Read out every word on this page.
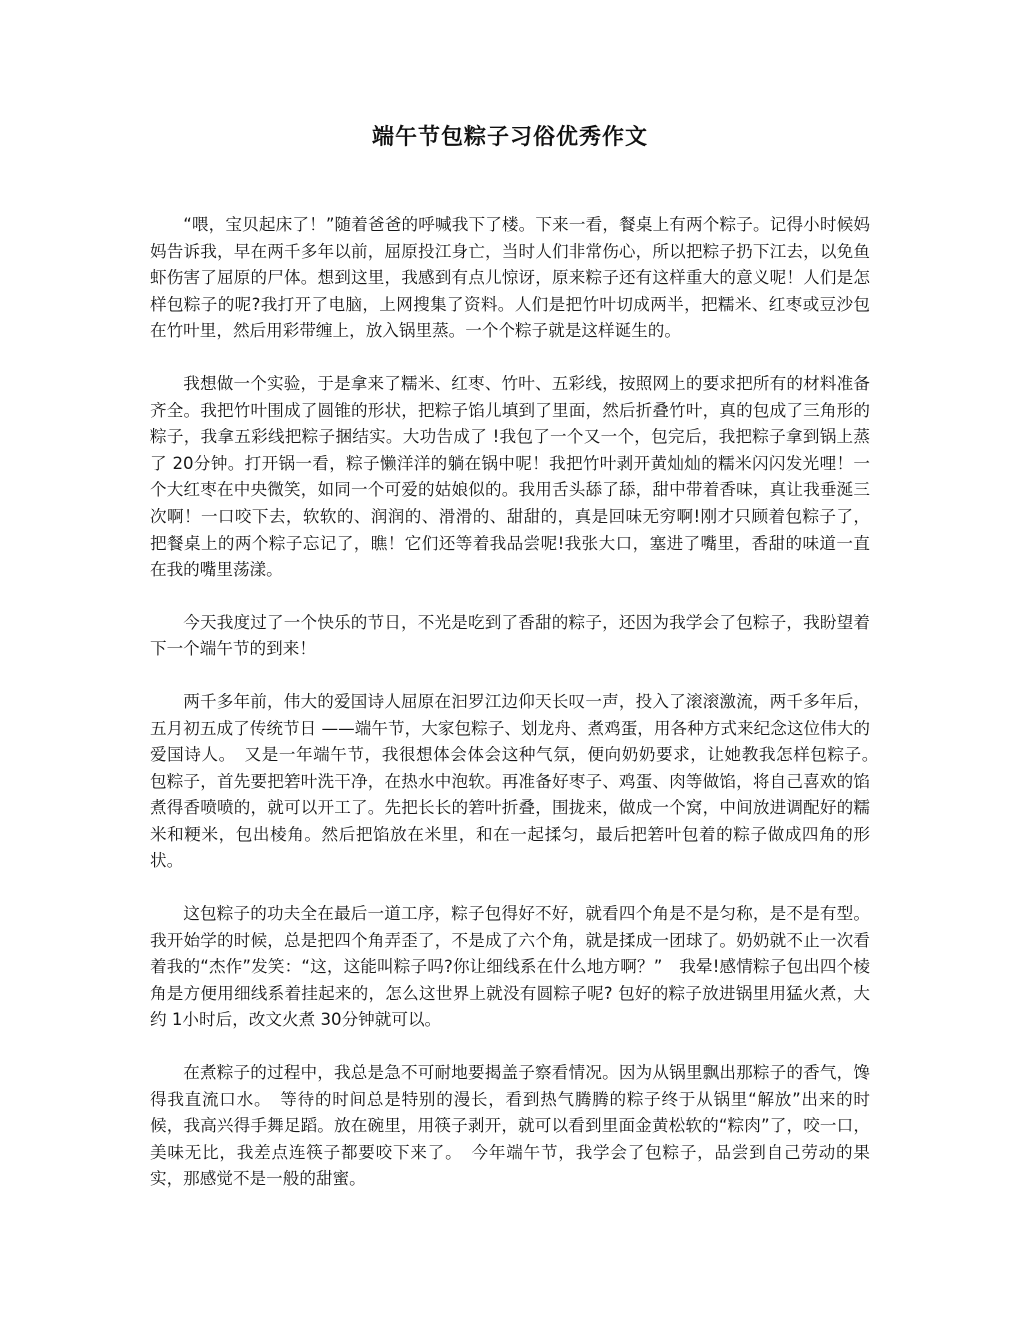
端午节包粽子习俗优秀作文

“喂，宝贝起床了！”随着爸爸的呼喊我下了楼。下来一看，餐桌上有两个粽子。记得小时候妈妈告诉我，早在两千多年以前，屈原投江身亡，当时人们非常伤心，所以把粽子扔下江去，以免鱼虾伤害了屈原的尸体。想到这里，我感到有点儿惊讶，原来粽子还有这样重大的意义呢！人们是怎样包粽子的呢?我打开了电脑，上网搜集了资料。人们是把竹叶切成两半，把糯米、红枣或豆沙包在竹叶里，然后用彩带缠上，放入锅里蒸。一个个粽子就是这样诞生的。

我想做一个实验，于是拿来了糯米、红枣、竹叶、五彩线，按照网上的要求把所有的材料准备齐全。我把竹叶围成了圆锥的形状，把粽子馅儿填到了里面，然后折叠竹叶，真的包成了三角形的粽子，我拿五彩线把粽子捆结实。大功告成了 !我包了一个又一个，包完后，我把粽子拿到锅上蒸了 20分钟。打开锅一看，粽子懒洋洋的躺在锅中呢！我把竹叶剥开黄灿灿的糯米闪闪发光哩！一个大红枣在中央微笑，如同一个可爱的姑娘似的。我用舌头舔了舔，甜中带着香味，真让我垂涎三次啊！一口咬下去，软软的、润润的、滑滑的、甜甜的，真是回味无穷啊!刚才只顾着包粽子了，把餐桌上的两个粽子忘记了，瞧！它们还等着我品尝呢!我张大口，塞进了嘴里，香甜的味道一直在我的嘴里荡漾。

今天我度过了一个快乐的节日，不光是吃到了香甜的粽子，还因为我学会了包粽子，我盼望着下一个端午节的到来！

两千多年前，伟大的爱国诗人屈原在汩罗江边仰天长叹一声，投入了滚滚激流，两千多年后，五月初五成了传统节日 ——端午节，大家包粽子、划龙舟、煮鸡蛋，用各种方式来纪念这位伟大的爱国诗人。　又是一年端午节，我很想体会体会这种气氛，便向奶奶要求，让她教我怎样包粽子。　包粽子，首先要把箬叶洗干净，在热水中泡软。再准备好枣子、鸡蛋、肉等做馅，将自己喜欢的馅煮得香喷喷的，就可以开工了。先把长长的箬叶折叠，围拢来，做成一个窝，中间放进调配好的糯米和粳米，包出棱角。然后把馅放在米里，和在一起揉匀，最后把箬叶包着的粽子做成四角的形状。

这包粽子的功夫全在最后一道工序，粽子包得好不好，就看四个角是不是匀称，是不是有型。我开始学的时候，总是把四个角弄歪了，不是成了六个角，就是揉成一团球了。奶奶就不止一次看着我的“杰作”发笑：“这，这能叫粽子吗?你让细线系在什么地方啊？”　我晕!感情粽子包出四个棱角是方便用细线系着挂起来的，怎么这世界上就没有圆粽子呢? 包好的粽子放进锅里用猛火煮，大约 1小时后，改文火煮 30分钟就可以。

在煮粽子的过程中，我总是急不可耐地要揭盖子察看情况。因为从锅里飘出那粽子的香气，馋得我直流口水。　等待的时间总是特别的漫长，看到热气腾腾的粽子终于从锅里“解放”出来的时候，我高兴得手舞足蹈。放在碗里，用筷子剥开，就可以看到里面金黄松软的“粽肉”了，咬一口，美味无比，我差点连筷子都要咬下来了。　今年端午节，我学会了包粽子，品尝到自己劳动的果实，那感觉不是一般的甜蜜。
